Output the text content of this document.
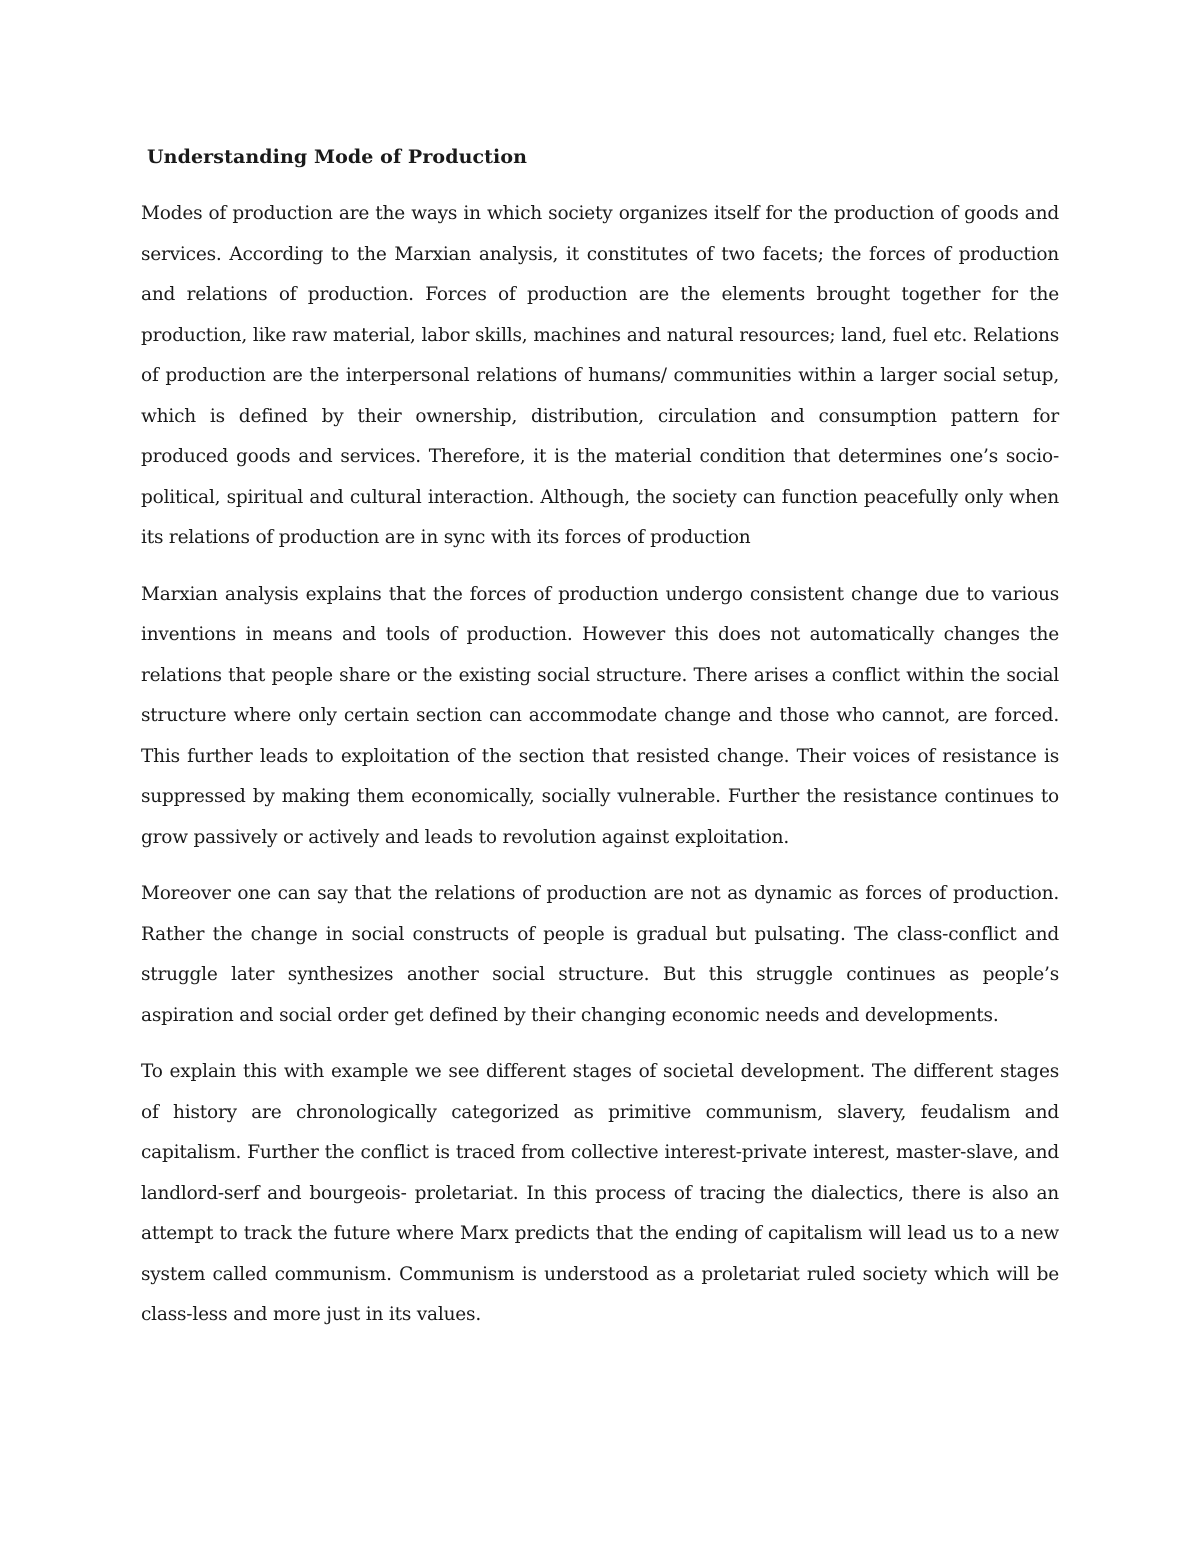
Understanding Mode of Production

Modes of production are the ways in which society organizes itself for the production of goods and services. According to the Marxian analysis, it constitutes of two facets; the forces of production and relations of production. Forces of production are the elements brought together for the production, like raw material, labor skills, machines and natural resources; land, fuel etc. Relations of production are the interpersonal relations of humans/ communities within a larger social setup, which is defined by their ownership, distribution, circulation and consumption pattern for produced goods and services. Therefore, it is the material condition that determines one’s socio-political, spiritual and cultural interaction. Although, the society can function peacefully only when its relations of production are in sync with its forces of production

Marxian analysis explains that the forces of production undergo consistent change due to various inventions in means and tools of production. However this does not automatically changes the relations that people share or the existing social structure. There arises a conflict within the social structure where only certain section can accommodate change and those who cannot, are forced. This further leads to exploitation of the section that resisted change. Their voices of resistance is suppressed by making them economically, socially vulnerable. Further the resistance continues to grow passively or actively and leads to revolution against exploitation.

Moreover one can say that the relations of production are not as dynamic as forces of production. Rather the change in social constructs of people is gradual but pulsating. The class-conflict and struggle later synthesizes another social structure. But this struggle continues as people’s aspiration and social order get defined by their changing economic needs and developments.

To explain this with example we see different stages of societal development. The different stages of history are chronologically categorized as primitive communism, slavery, feudalism and capitalism. Further the conflict is traced from collective interest-private interest, master-slave, and landlord-serf and bourgeois- proletariat. In this process of tracing the dialectics, there is also an attempt to track the future where Marx predicts that the ending of capitalism will lead us to a new system called communism. Communism is understood as a proletariat ruled society which will be class-less and more just in its values.
